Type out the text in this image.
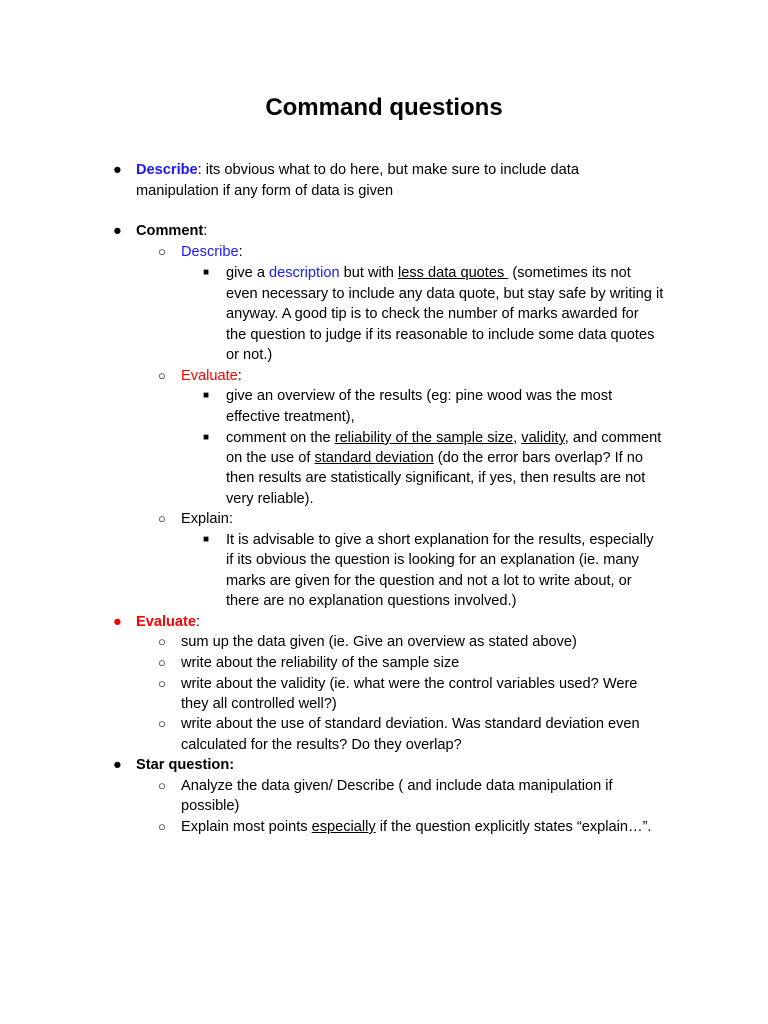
Command questions
● Describe: its obvious what to do here, but make sure to include data
manipulation if any form of data is given
● Comment:
○ Describe:
■ give a description but with less data quotes  (sometimes its not
even necessary to include any data quote, but stay safe by writing it
anyway. A good tip is to check the number of marks awarded for
the question to judge if its reasonable to include some data quotes
or not.)
○ Evaluate:
■ give an overview of the results (eg: pine wood was the most
effective treatment),
■ comment on the reliability of the sample size, validity, and comment
on the use of standard deviation (do the error bars overlap? If no
then results are statistically significant, if yes, then results are not
very reliable).
○ Explain:
■ It is advisable to give a short explanation for the results, especially
if its obvious the question is looking for an explanation (ie. many
marks are given for the question and not a lot to write about, or
there are no explanation questions involved.)
● Evaluate:
○ sum up the data given (ie. Give an overview as stated above)
○ write about the reliability of the sample size
○ write about the validity (ie. what were the control variables used? Were
they all controlled well?)
○ write about the use of standard deviation. Was standard deviation even
calculated for the results? Do they overlap?
● Star question:
○ Analyze the data given/ Describe ( and include data manipulation if
possible)
○ Explain most points especially if the question explicitly states “explain…”.
